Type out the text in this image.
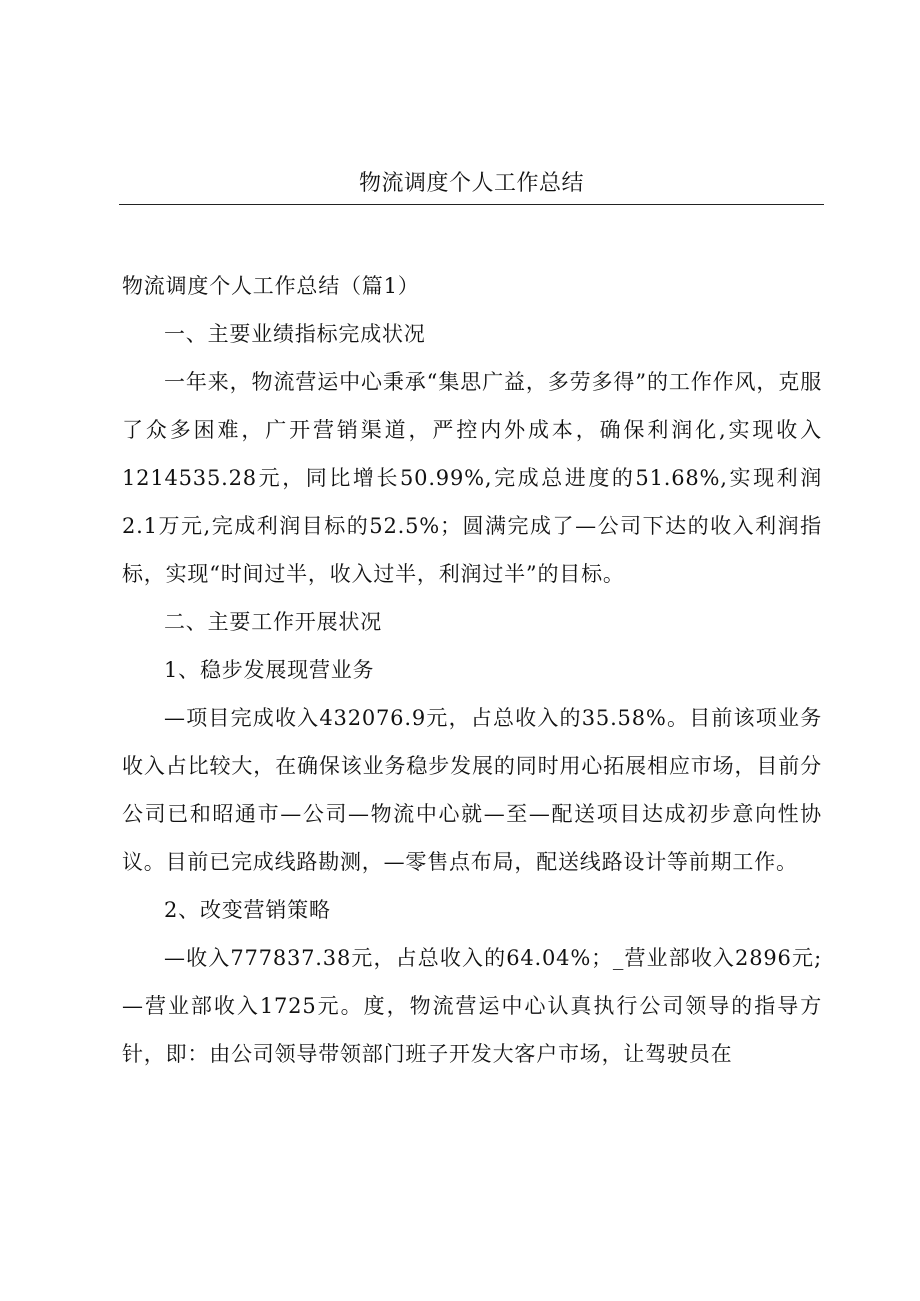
物流调度个人工作总结

物流调度个人工作总结（篇1）

一、主要业绩指标完成状况

一年来，物流营运中心秉承“集思广益，多劳多得”的工作作风，克服了众多困难，广开营销渠道，严控内外成本，确保利润化,实现收入1214535.28元，同比增长50.99%,完成总进度的51.68%,实现利润2.1万元,完成利润目标的52.5%；圆满完成了—公司下达的收入利润指标，实现“时间过半，收入过半，利润过半”的目标。

二、主要工作开展状况

1、稳步发展现营业务

—项目完成收入432076.9元，占总收入的35.58%。目前该项业务收入占比较大，在确保该业务稳步发展的同时用心拓展相应市场，目前分公司已和昭通市—公司—物流中心就—至—配送项目达成初步意向性协议。目前已完成线路勘测，—零售点布局，配送线路设计等前期工作。

2、改变营销策略

—收入777837.38元，占总收入的64.04%；_营业部收入2896元;—营业部收入1725元。度，物流营运中心认真执行公司领导的指导方针，即：由公司领导带领部门班子开发大客户市场，让驾驶员在
